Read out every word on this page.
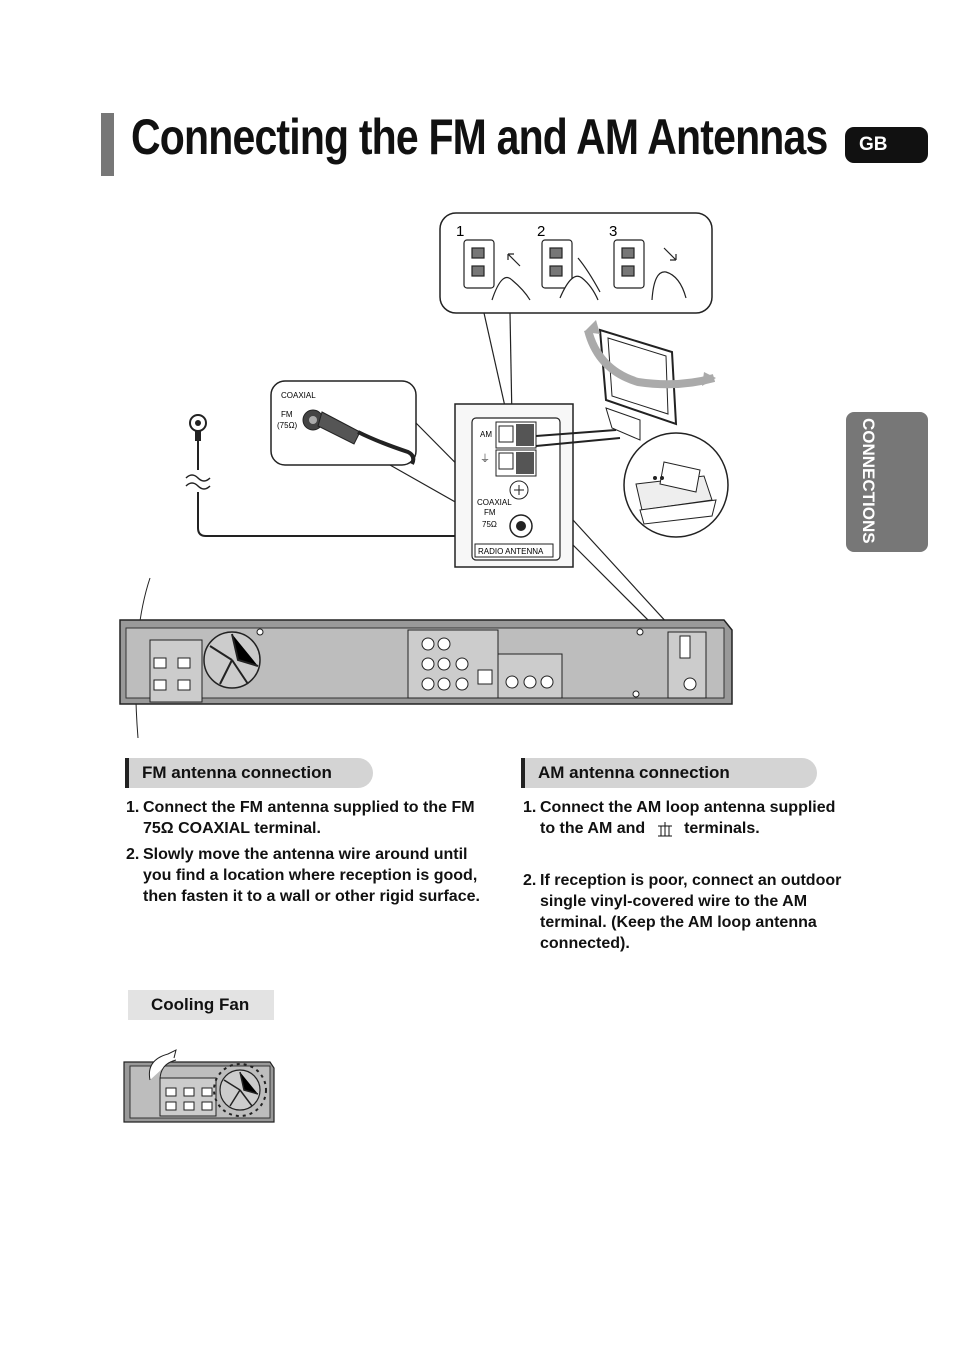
Connecting the FM and AM Antennas	GB
CONNECTIONS
1	2	3
COAXIAL
FM
(75Ω)
AM
⏚
COAXIAL
FM
75Ω
RADIO ANTENNA
FM antenna connection
1. Connect the FM antenna supplied to the FM 75Ω COAXIAL terminal.
2. Slowly move the antenna wire around until you find a location where reception is good, then fasten it to a wall or other rigid surface.
AM antenna connection
1. Connect the AM loop antenna supplied to the AM and terminals.
2. If reception is poor, connect an outdoor single vinyl-covered wire to the AM terminal. (Keep the AM loop antenna connected).
Cooling Fan
